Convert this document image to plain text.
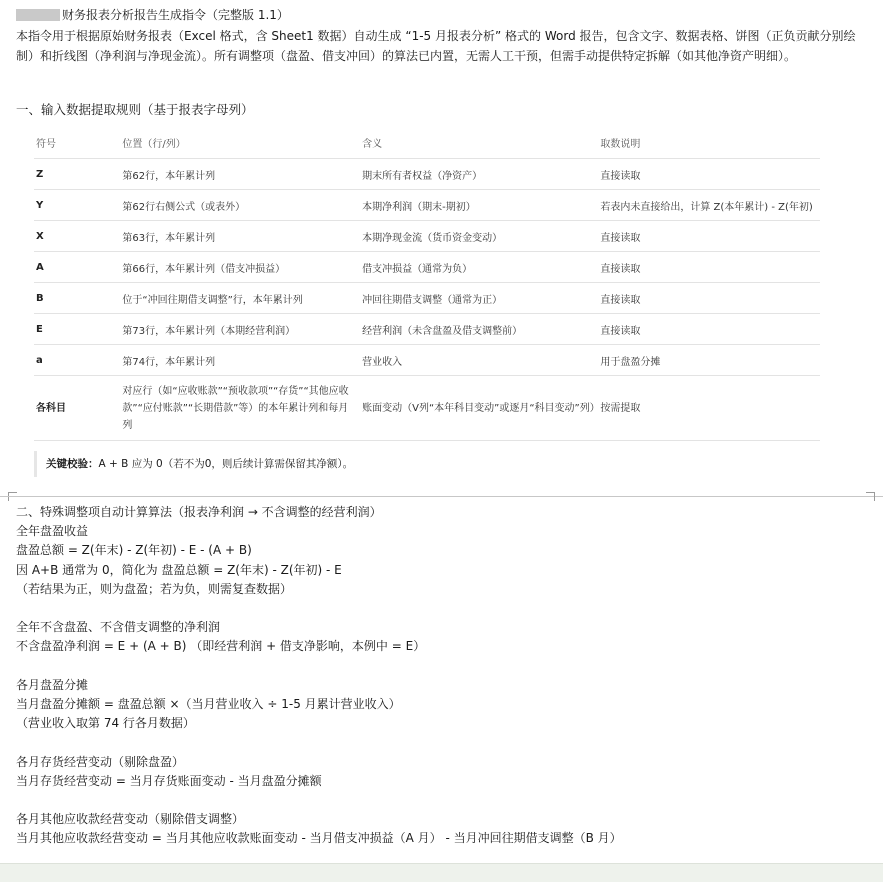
财务报表分析报告生成指令（完整版 1.1）
本指令用于根据原始财务报表（Excel 格式，含 Sheet1 数据）自动生成 “1-5 月报表分析” 格式的 Word 报告，包含文字、数据表格、饼图（正负贡献分别绘制）和折线图（净利润与净现金流）。所有调整项（盘盈、借支冲回）的算法已内置，无需人工干预，但需手动提供特定拆解（如其他净资产明细）。
一、输入数据提取规则（基于报表字母列）
符号	位置（行/列）	含义	取数说明
Z	第62行，本年累计列	期末所有者权益（净资产）	直接读取
Y	第62行右侧公式（或表外）	本期净利润（期末-期初）	若表内未直接给出，计算 Z(本年累计) - Z(年初)
X	第63行，本年累计列	本期净现金流（货币资金变动）	直接读取
A	第66行，本年累计列（借支冲损益）	借支冲损益（通常为负）	直接读取
B	位于“冲回往期借支调整”行，本年累计列	冲回往期借支调整（通常为正）	直接读取
E	第73行，本年累计列（本期经营利润）	经营利润（未含盘盈及借支调整前）	直接读取
a	第74行，本年累计列	营业收入	用于盘盈分摊
各科目	对应行（如“应收账款”“预收款项”“存货”“其他应收款”“应付账款”“长期借款”等）的本年累计列和每月列	账面变动（V列“本年科目变动”或逐月“科目变动”列）	按需提取
关键校验：A + B 应为 0（若不为0，则后续计算需保留其净额）。

二、特殊调整项自动计算算法（报表净利润 → 不含调整的经营利润）

全年盘盈收益

盘盈总额 = Z(年末) - Z(年初) - E - (A + B)

因 A+B 通常为 0，简化为 盘盈总额 = Z(年末) - Z(年初) - E

（若结果为正，则为盘盈；若为负，则需复查数据）

全年不含盘盈、不含借支调整的净利润

不含盘盈净利润 = E + (A + B) （即经营利润 + 借支净影响，本例中 = E）

各月盘盈分摊

当月盘盈分摊额 = 盘盈总额 ×（当月营业收入 ÷ 1-5 月累计营业收入）

（营业收入取第 74 行各月数据）

各月存货经营变动（剔除盘盈）

当月存货经营变动 = 当月存货账面变动 - 当月盘盈分摊额

各月其他应收款经营变动（剔除借支调整）

当月其他应收款经营变动 = 当月其他应收款账面变动 - 当月借支冲损益（A 月） - 当月冲回往期借支调整（B 月）
